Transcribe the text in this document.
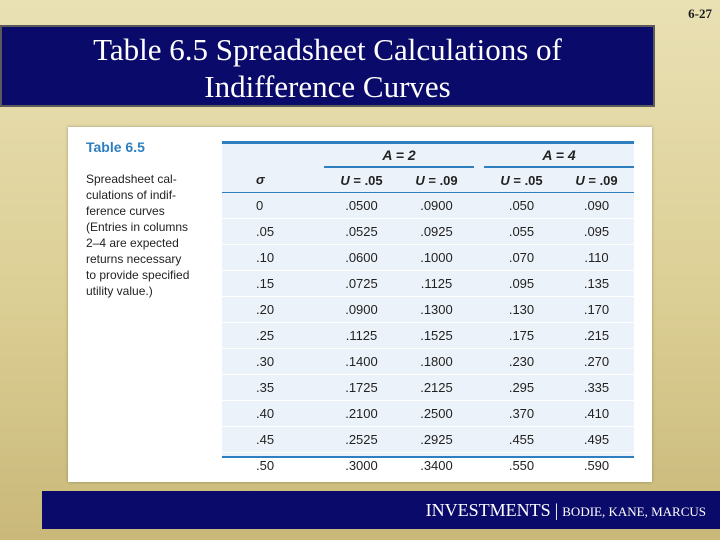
6-27
Table 6.5 Spreadsheet Calculations of
Indifference Curves
Table 6.5
Spreadsheet cal-
culations of indif-
ference curves
(Entries in columns
2–4 are expected
returns necessary
to provide specified
utility value.)
		A = 2			A = 4	
σ		U = .05	U = .09		U = .05	U = .09
0		.0500	.0900		.050	.090
.05		.0525	.0925		.055	.095
.10		.0600	.1000		.070	.110
.15		.0725	.1125		.095	.135
.20		.0900	.1300		.130	.170
.25		.1125	.1525		.175	.215
.30		.1400	.1800		.230	.270
.35		.1725	.2125		.295	.335
.40		.2100	.2500		.370	.410
.45		.2525	.2925		.455	.495
.50		.3000	.3400		.550	.590
INVESTMENTS | BODIE, KANE, MARCUS
